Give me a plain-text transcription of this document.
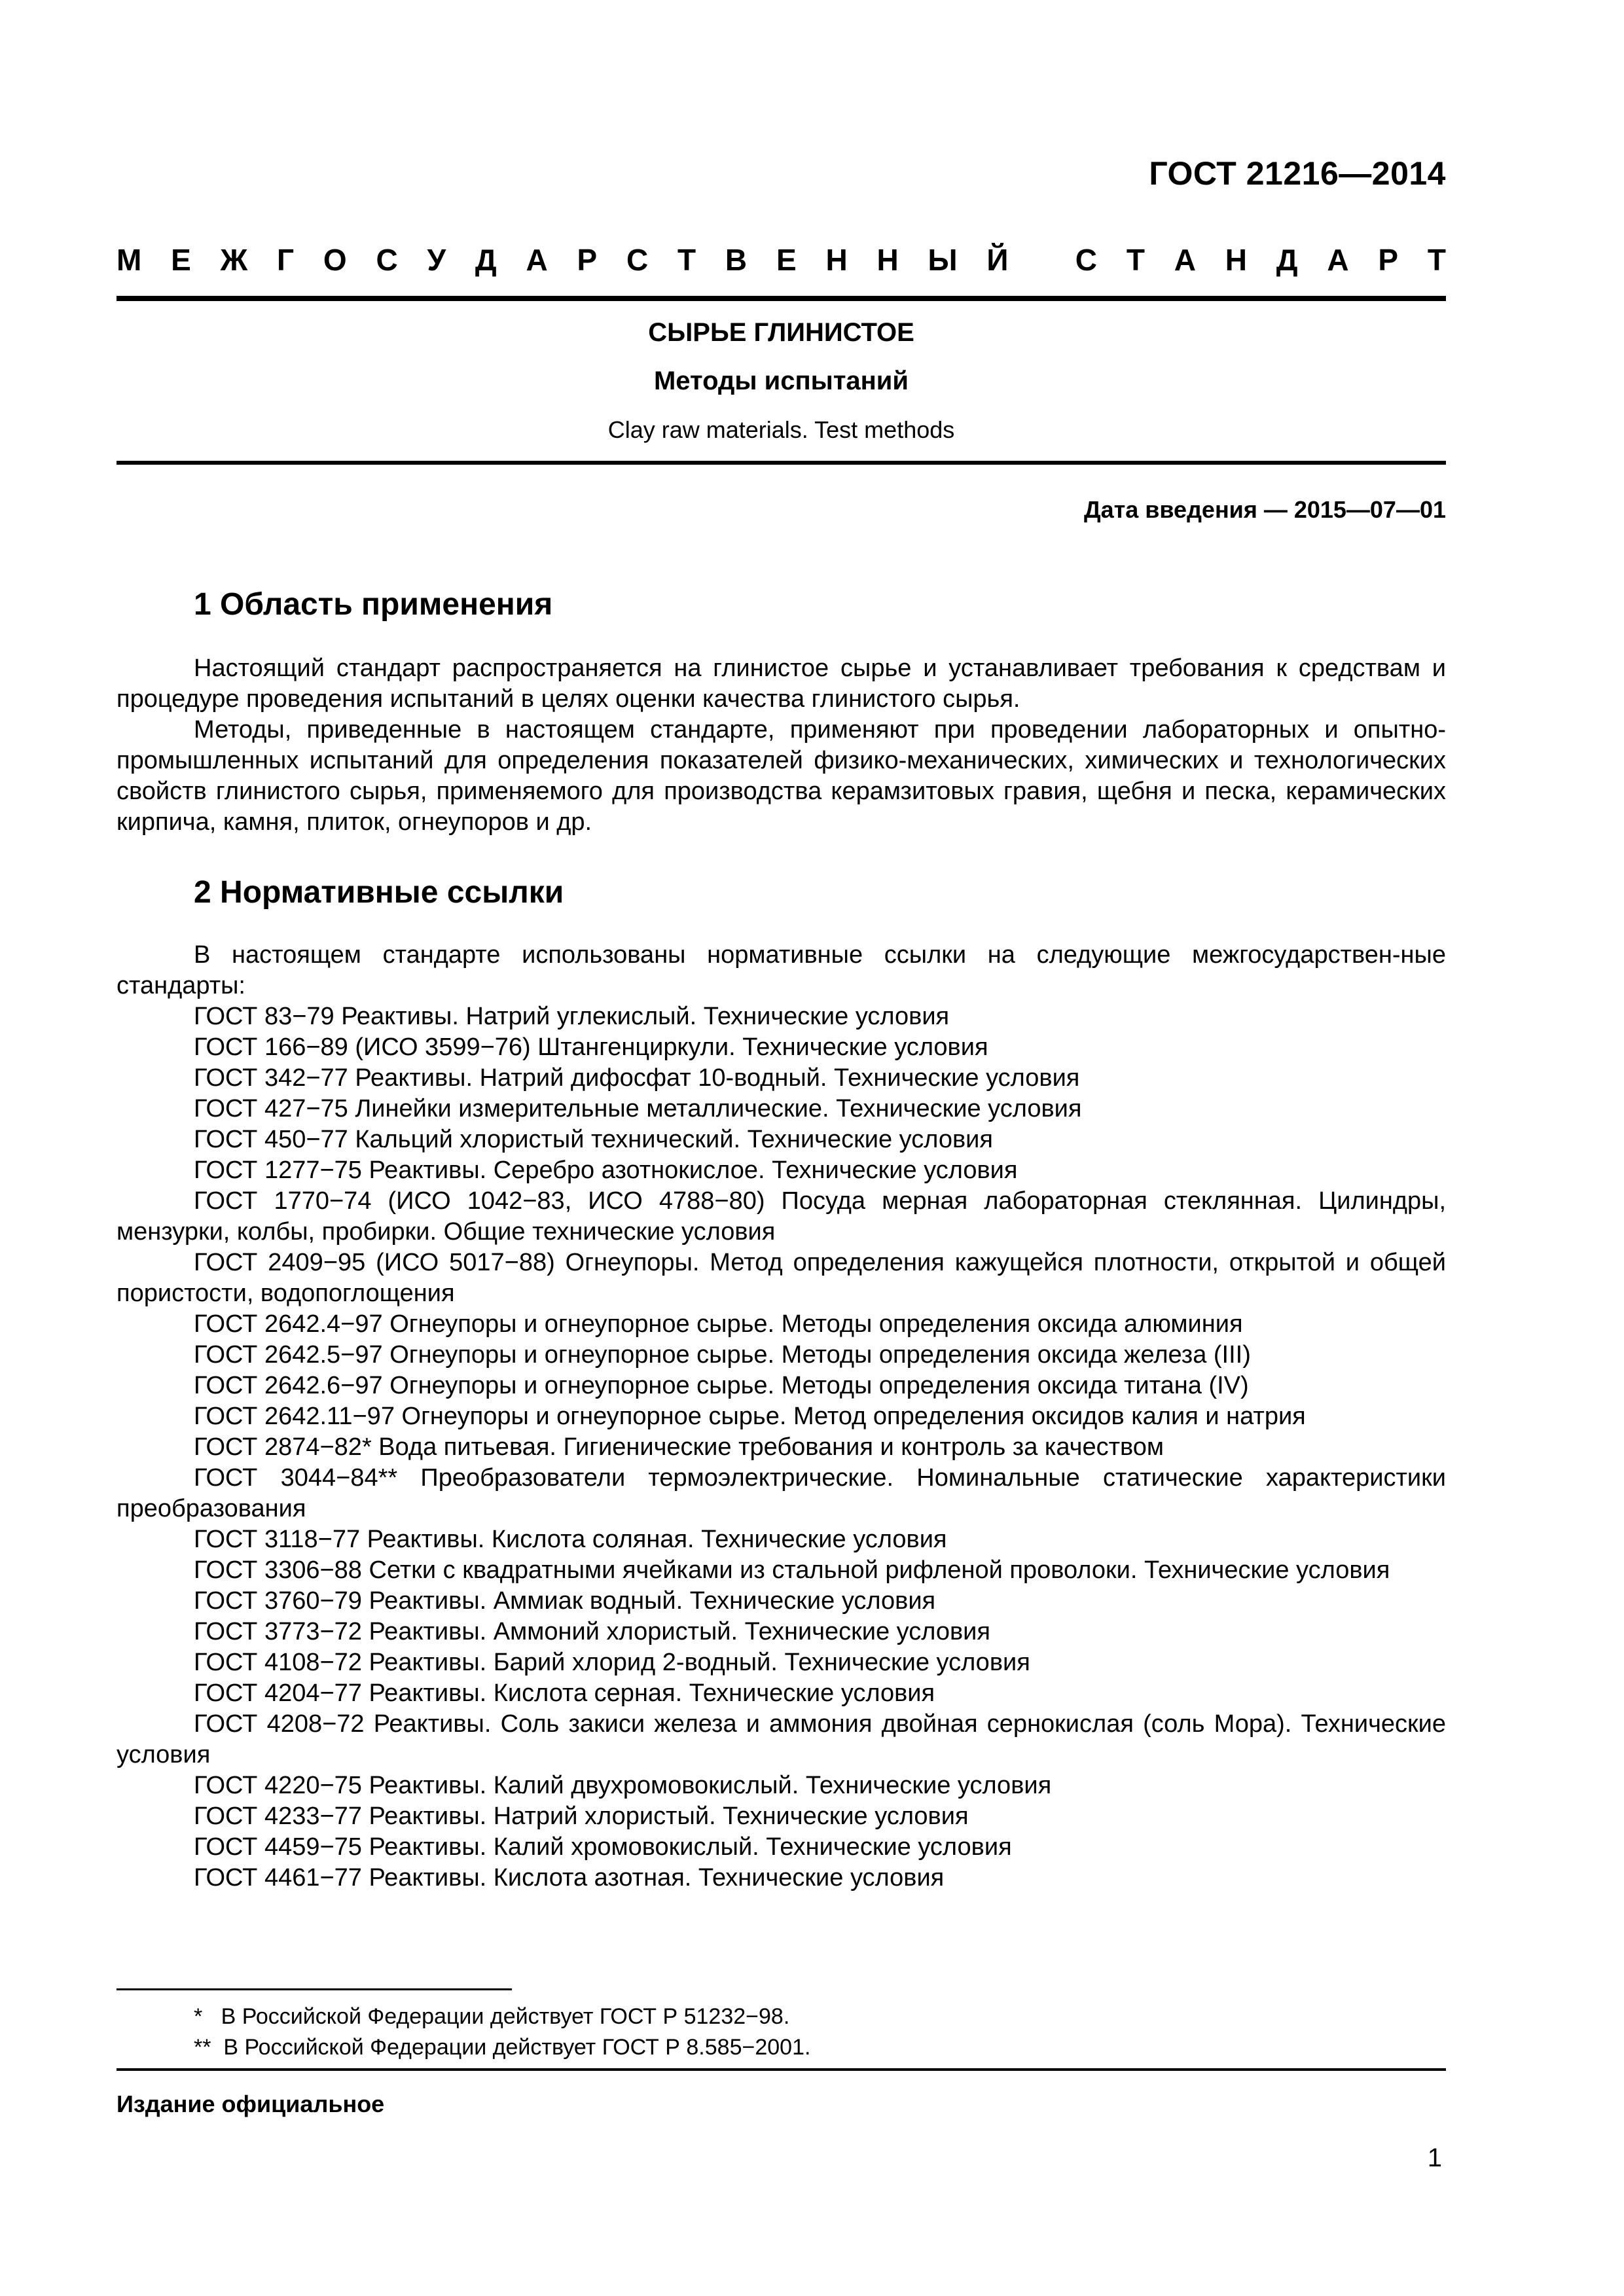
ГОСТ 21216—2014
М Е Ж Г О С У Д А Р С Т В Е Н Н Ы Й
С Т А Н Д А Р Т
СЫРЬЕ ГЛИНИСТОЕ
Методы испытаний
Clay raw materials. Test methods
Дата введения — 2015—07—01
1 Область применения

Настоящий стандарт распространяется на глинистое сырье и устанавливает требования к средствам и процедуре проведения испытаний в целях оценки качества глинистого сырья.

Методы, приведенные в настоящем стандарте, применяют при проведении лабораторных и опытно-промышленных испытаний для определения показателей физико-механических, химических и технологических свойств глинистого сырья, применяемого для производства керамзитовых гравия, щебня и песка, керамических кирпича, камня, плиток, огнеупоров и др.

2 Нормативные ссылки

В настоящем стандарте использованы нормативные ссылки на следующие межгосударствен-ные стандарты:

ГОСТ 83−79 Реактивы. Натрий углекислый. Технические условия

ГОСТ 166−89 (ИСО 3599−76) Штангенциркули. Технические условия

ГОСТ 342−77 Реактивы. Натрий дифосфат 10-водный. Технические условия

ГОСТ 427−75 Линейки измерительные металлические. Технические условия

ГОСТ 450−77 Кальций хлористый технический. Технические условия

ГОСТ 1277−75 Реактивы. Серебро азотнокислое. Технические условия

ГОСТ 1770−74 (ИСО 1042−83, ИСО 4788−80) Посуда мерная лабораторная стеклянная. Цилиндры, мензурки, колбы, пробирки. Общие технические условия

ГОСТ 2409−95 (ИСО 5017−88) Огнеупоры. Метод определения кажущейся плотности, открытой и общей пористости, водопоглощения

ГОСТ 2642.4−97 Огнеупоры и огнеупорное сырье. Методы определения оксида алюминия

ГОСТ 2642.5−97 Огнеупоры и огнеупорное сырье. Методы определения оксида железа (III)

ГОСТ 2642.6−97 Огнеупоры и огнеупорное сырье. Методы определения оксида титана (IV)

ГОСТ 2642.11−97 Огнеупоры и огнеупорное сырье. Метод определения оксидов калия и натрия

ГОСТ 2874−82* Вода питьевая. Гигиенические требования и контроль за качеством

ГОСТ 3044−84** Преобразователи термоэлектрические. Номинальные статические характеристики преобразования

ГОСТ 3118−77 Реактивы. Кислота соляная. Технические условия

ГОСТ 3306−88 Сетки с квадратными ячейками из стальной рифленой проволоки. Технические условия

ГОСТ 3760−79 Реактивы. Аммиак водный. Технические условия

ГОСТ 3773−72 Реактивы. Аммоний хлористый. Технические условия

ГОСТ 4108−72 Реактивы. Барий хлорид 2-водный. Технические условия

ГОСТ 4204−77 Реактивы. Кислота серная. Технические условия

ГОСТ 4208−72 Реактивы. Соль закиси железа и аммония двойная сернокислая (соль Мора). Технические условия

ГОСТ 4220−75 Реактивы. Калий двухромовокислый. Технические условия

ГОСТ 4233−77 Реактивы. Натрий хлористый. Технические условия

ГОСТ 4459−75 Реактивы. Калий хромовокислый. Технические условия

ГОСТ 4461−77 Реактивы. Кислота азотная. Технические условия

*   В Российской Федерации действует ГОСТ Р 51232−98.
**  В Российской Федерации действует ГОСТ Р 8.585−2001.
Издание официальное
1
